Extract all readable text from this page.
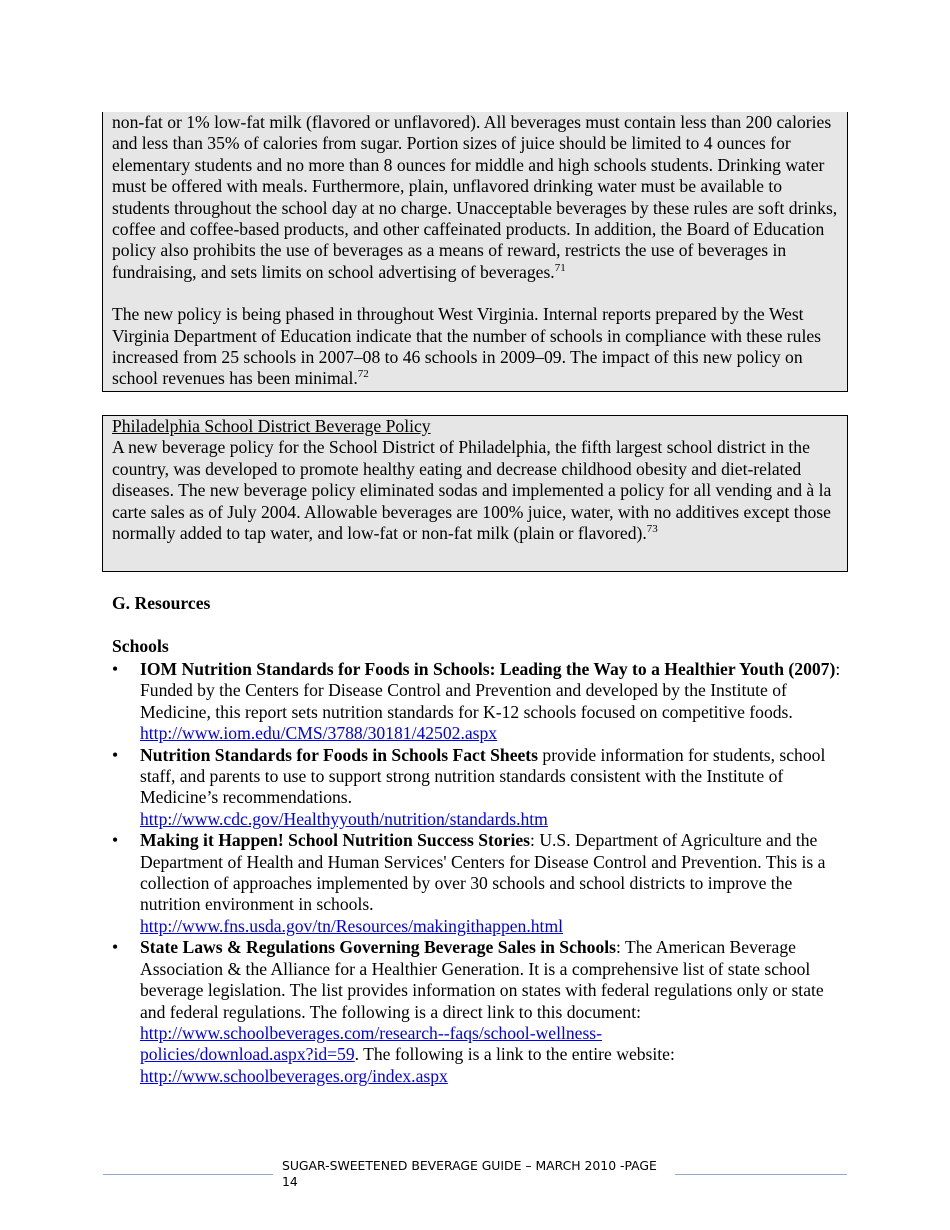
non-fat or 1% low-fat milk (flavored or unflavored). All beverages must contain less than 200 calories and less than 35% of calories from sugar. Portion sizes of juice should be limited to 4 ounces for elementary students and no more than 8 ounces for middle and high schools students. Drinking water must be offered with meals. Furthermore, plain, unflavored drinking water must be available to students throughout the school day at no charge. Unacceptable beverages by these rules are soft drinks, coffee and coffee-based products, and other caffeinated products. In addition, the Board of Education policy also prohibits the use of beverages as a means of reward, restricts the use of beverages in fundraising, and sets limits on school advertising of beverages.$^{71}$

The new policy is being phased in throughout West Virginia. Internal reports prepared by the West Virginia Department of Education indicate that the number of schools in compliance with these rules increased from 25 schools in 2007–08 to 46 schools in 2009–09. The impact of this new policy on school revenues has been minimal.$^{72}$

Philadelphia School District Beverage Policy

A new beverage policy for the School District of Philadelphia, the fifth largest school district in the country, was developed to promote healthy eating and decrease childhood obesity and diet-related diseases. The new beverage policy eliminated sodas and implemented a policy for all vending and à la carte sales as of July 2004. Allowable beverages are 100% juice, water, with no additives except those normally added to tap water, and low-fat or non-fat milk (plain or flavored).$^{73}$

G. Resources
Schools
• IOM Nutrition Standards for Foods in Schools: Leading the Way to a Healthier Youth (2007): Funded by the Centers for Disease Control and Prevention and developed by the Institute of Medicine, this report sets nutrition standards for K-12 schools focused on competitive foods. http://www.iom.edu/CMS/3788/30181/42502.aspx
• Nutrition Standards for Foods in Schools Fact Sheets provide information for students, school staff, and parents to use to support strong nutrition standards consistent with the Institute of Medicine’s recommendations.
http://www.cdc.gov/Healthyyouth/nutrition/standards.htm
• Making it Happen! School Nutrition Success Stories: U.S. Department of Agriculture and the Department of Health and Human Services' Centers for Disease Control and Prevention. This is a collection of approaches implemented by over 30 schools and school districts to improve the nutrition environment in schools.
http://www.fns.usda.gov/tn/Resources/makingithappen.html
• State Laws & Regulations Governing Beverage Sales in Schools: The American Beverage Association & the Alliance for a Healthier Generation. It is a comprehensive list of state school beverage legislation. The list provides information on states with federal regulations only or state and federal regulations. The following is a direct link to this document:
http://www.schoolbeverages.com/research--faqs/school-wellness-
policies/download.aspx?id=59. The following is a link to the entire website:
http://www.schoolbeverages.org/index.aspx
SUGAR-SWEETENED BEVERAGE GUIDE – MARCH 2010 -PAGE 14
